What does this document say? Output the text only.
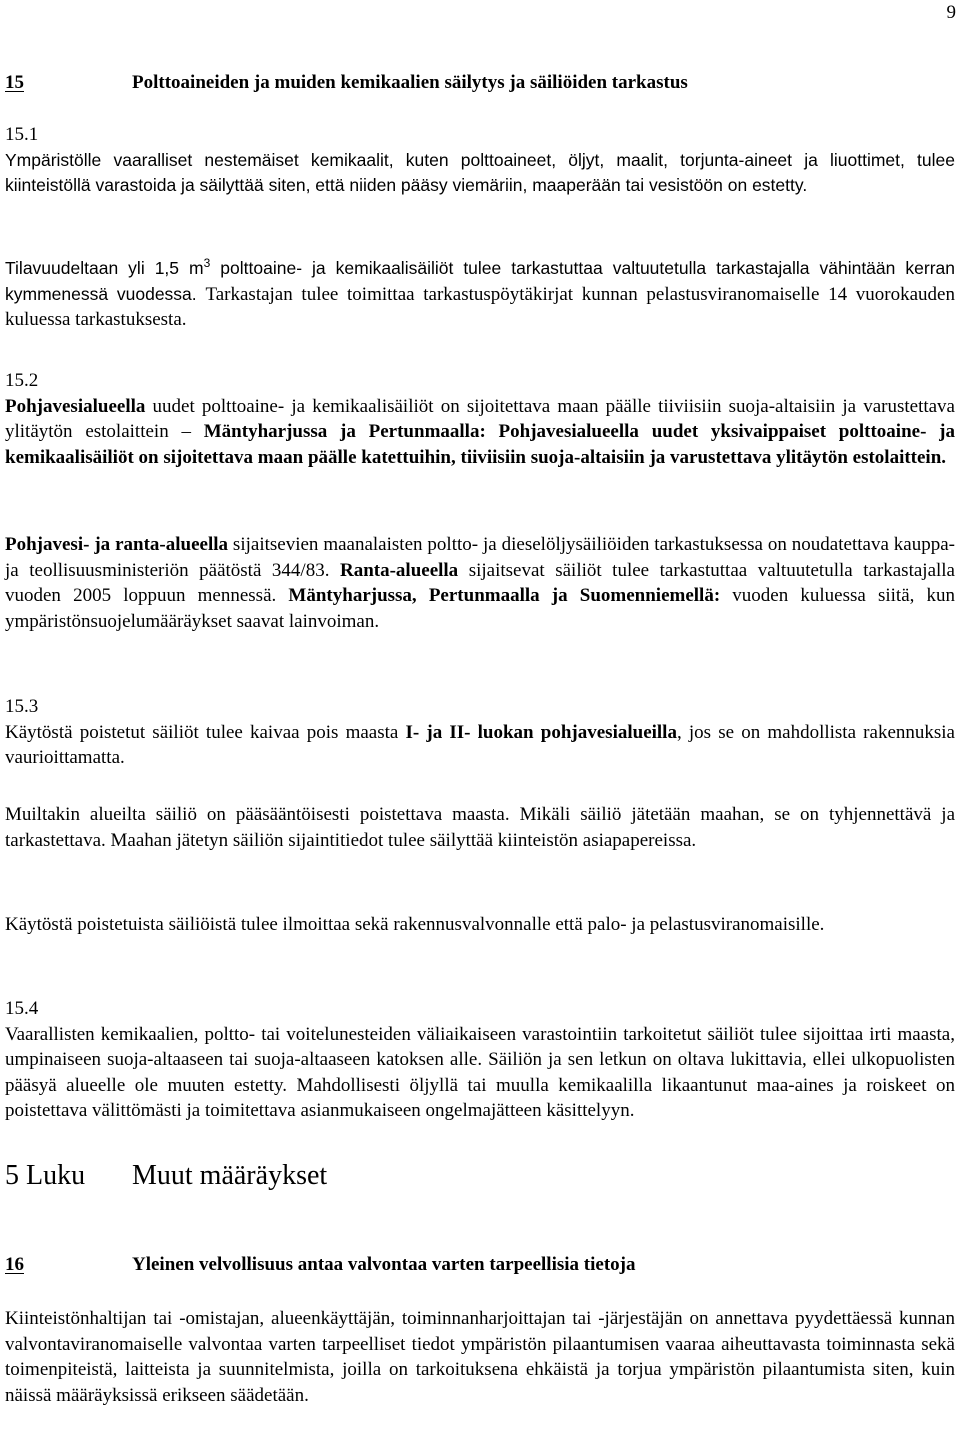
9
15	Polttoaineiden ja muiden kemikaalien säilytys ja säiliöiden tarkastus
15.1
Ympäristölle vaaralliset nestemäiset kemikaalit, kuten polttoaineet, öljyt, maalit, torjunta-aineet ja liuottimet, tulee kiinteistöllä varastoida ja säilyttää siten, että niiden pääsy viemäriin, maaperään tai vesistöön on estetty.
Tilavuudeltaan yli 1,5 $m^3$ polttoaine- ja kemikaalisäiliöt tulee tarkastuttaa valtuutetulla tarkastajalla vähintään kerran kymmenessä vuodessa. Tarkastajan tulee toimittaa tarkastuspöytäkirjat kunnan pelastusviranomaiselle 14 vuorokauden kuluessa tarkastuksesta.
15.2
Pohjavesialueella uudet polttoaine- ja kemikaalisäiliöt on sijoitettava maan päälle tiiviisiin suoja-altaisiin ja varustettava ylitäytön estolaittein – Mäntyharjussa ja Pertunmaalla: Pohjavesialueella uudet yksivaippaiset polttoaine- ja kemikaalisäiliöt on sijoitettava maan päälle katettuihin, tiiviisiin suoja-altaisiin ja varustettava ylitäytön estolaittein.
Pohjavesi- ja ranta-alueella sijaitsevien maanalaisten poltto- ja dieselöljysäiliöiden tarkastuksessa on noudatettava kauppa- ja teollisuusministeriön päätöstä 344/83. Ranta-alueella sijaitsevat säiliöt tulee tarkastuttaa valtuutetulla tarkastajalla vuoden 2005 loppuun mennessä. Mäntyharjussa, Pertunmaalla ja Suomenniemellä: vuoden kuluessa siitä, kun ympäristönsuojelumääräykset saavat lainvoiman.
15.3
Käytöstä poistetut säiliöt tulee kaivaa pois maasta I- ja II- luokan pohjavesialueilla, jos se on mahdollista rakennuksia vaurioittamatta.
Muiltakin alueilta säiliö on pääsääntöisesti poistettava maasta. Mikäli säiliö jätetään maahan, se on tyhjennettävä ja tarkastettava. Maahan jätetyn säiliön sijaintitiedot tulee säilyttää kiinteistön asiapapereissa.
Käytöstä poistetuista säiliöistä tulee ilmoittaa sekä rakennusvalvonnalle että palo- ja pelastusviranomaisille.
15.4
Vaarallisten kemikaalien, poltto- tai voitelunesteiden väliaikaiseen varastointiin tarkoitetut säiliöt tulee sijoittaa irti maasta, umpinaiseen suoja-altaaseen tai suoja-altaaseen katoksen alle. Säiliön ja sen letkun on oltava lukittavia, ellei ulkopuolisten pääsyä alueelle ole muuten estetty. Mahdollisesti öljyllä tai muulla kemikaalilla likaantunut maa-aines ja roiskeet on poistettava välittömästi ja toimitettava asianmukaiseen ongelmajätteen käsittelyyn.
5 Luku Muut määräykset
16	Yleinen velvollisuus antaa valvontaa varten tarpeellisia tietoja
Kiinteistönhaltijan tai -omistajan, alueenkäyttäjän, toiminnanharjoittajan tai -järjestäjän on annettava pyydettäessä kunnan valvontaviranomaiselle valvontaa varten tarpeelliset tiedot ympäristön pilaantumisen vaaraa aiheuttavasta toiminnasta sekä toimenpiteistä, laitteista ja suunnitelmista, joilla on tarkoituksena ehkäistä ja torjua ympäristön pilaantumista siten, kuin näissä määräyksissä erikseen säädetään.
